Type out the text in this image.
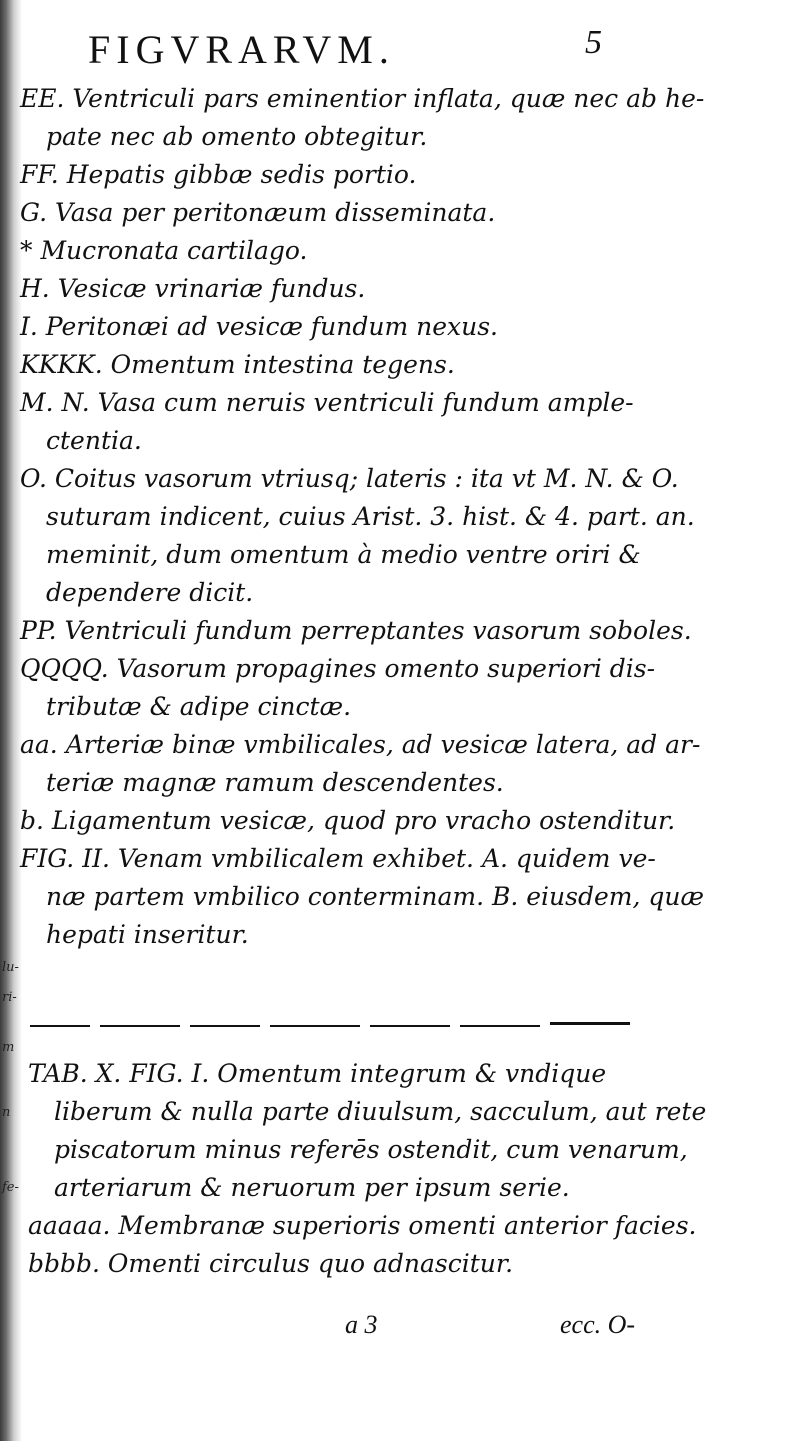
m
lu-
ri-
n
fe-
FIGVRARVM.	5

EE. Ventriculi pars eminentior inflata, quæ nec ab he-
pate nec ab omento obtegitur.

FF. Hepatis gibbæ sedis portio.

G. Vasa per peritonæum disseminata.

* Mucronata cartilago.

H. Vesicæ vrinariæ fundus.

I. Peritonæi ad vesicæ fundum nexus.

KKKK. Omentum intestina tegens.

M. N. Vasa cum neruis ventriculi fundum ample-
ctentia.

O. Coitus vasorum vtriusq; lateris : ita vt M. N. & O.
suturam indicent, cuius Arist. 3. hist. & 4. part. an.
meminit, dum omentum à medio ventre oriri &
dependere dicit.

PP. Ventriculi fundum perreptantes vasorum soboles.

QQQQ. Vasorum propagines omento superiori dis-
tributæ & adipe cinctæ.

aa. Arteriæ binæ vmbilicales, ad vesicæ latera, ad ar-
teriæ magnæ ramum descendentes.

b. Ligamentum vesicæ, quod pro vracho ostenditur.

FIG. II. Venam vmbilicalem exhibet. A. quidem ve-
næ partem vmbilico conterminam. B. eiusdem, quæ
hepati inseritur.

TAB. X. FIG. I. Omentum integrum & vndique
liberum & nulla parte diuulsum, sacculum, aut rete
piscatorum minus referēs ostendit, cum venarum,
arteriarum & neruorum per ipsum serie.

aaaaa. Membranæ superioris omenti anterior facies.

bbbb. Omenti circulus quo adnascitur.

a 3	ecc. O-
